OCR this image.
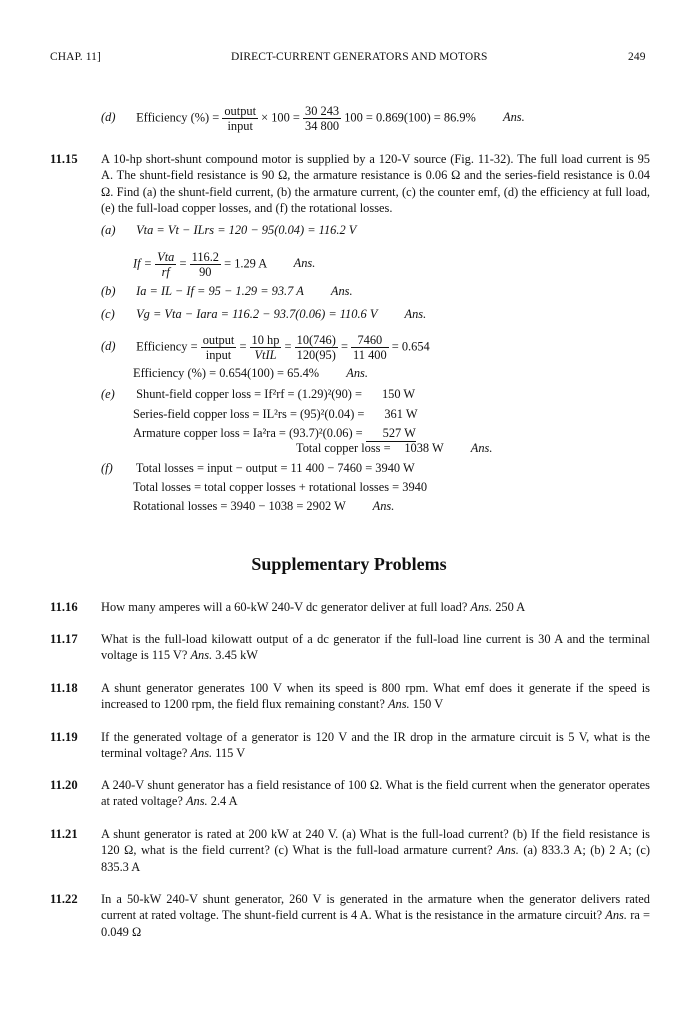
CHAP. 11]	DIRECT-CURRENT GENERATORS AND MOTORS	249
(d) Efficiency (%) = $\frac{\text{output}}{\text{input}} \times 100 = \frac{30 243}{34 800} 100 = 0.869(100) = 86.9\%$ Ans.
11.15 A 10-hp short-shunt compound motor is supplied by a 120-V source (Fig. 11-32). The full load current is 95 A. The shunt-field resistance is 90 Ω, the armature resistance is 0.06 Ω and the series-field resistance is 0.04 Ω. Find (a) the shunt-field current, (b) the armature current, (c) the counter emf, (d) the efficiency at full load, (e) the full-load copper losses, and (f) the rotational losses.
(a) Vta = Vt − ILrs = 120 − 95(0.04) = 116.2 V
$If = \frac{\text{Vta}}{rf} = \frac{116.2}{90} = 1.29$ A Ans.
(b) Ia = IL − If = 95 − 1.29 = 93.7 A Ans.
(c) Vg = Vta − Iara = 116.2 − 93.7(0.06) = 110.6 V Ans.
(d) Efficiency = $\frac{\text{output}}{\text{input}} = \frac{10 hp}{\text{VtIL}} = \frac{10(746)}{120(95)} = \frac{7460}{11 400} = 0.654$
Efficiency (%) = 0.654(100) = 65.4% Ans.
(e) Shunt-field copper loss = If²rf = (1.29)²(90) = 150 W
Series-field copper loss = IL²rs = (95)²(0.04) = 361 W
Armature copper loss = Ia²ra = (93.7)²(0.06) = 527 W
Total copper loss = 1038 W Ans.
(f) Total losses = input − output = 11 400 − 7460 = 3940 W
Total losses = total copper losses + rotational losses = 3940
Rotational losses = 3940 − 1038 = 2902 W Ans.
Supplementary Problems
11.16 How many amperes will a 60-kW 240-V dc generator deliver at full load? Ans. 250 A
11.17 What is the full-load kilowatt output of a dc generator if the full-load line current is 30 A and the terminal voltage is 115 V? Ans. 3.45 kW
11.18 A shunt generator generates 100 V when its speed is 800 rpm. What emf does it generate if the speed is increased to 1200 rpm, the field flux remaining constant? Ans. 150 V
11.19 If the generated voltage of a generator is 120 V and the IR drop in the armature circuit is 5 V, what is the terminal voltage? Ans. 115 V
11.20 A 240-V shunt generator has a field resistance of 100 Ω. What is the field current when the generator operates at rated voltage? Ans. 2.4 A
11.21 A shunt generator is rated at 200 kW at 240 V. (a) What is the full-load current? (b) If the field resistance is 120 Ω, what is the field current? (c) What is the full-load armature current? Ans. (a) 833.3 A; (b) 2 A; (c) 835.3 A
11.22 In a 50-kW 240-V shunt generator, 260 V is generated in the armature when the generator delivers rated current at rated voltage. The shunt-field current is 4 A. What is the resistance in the armature circuit? Ans. ra = 0.049 Ω
